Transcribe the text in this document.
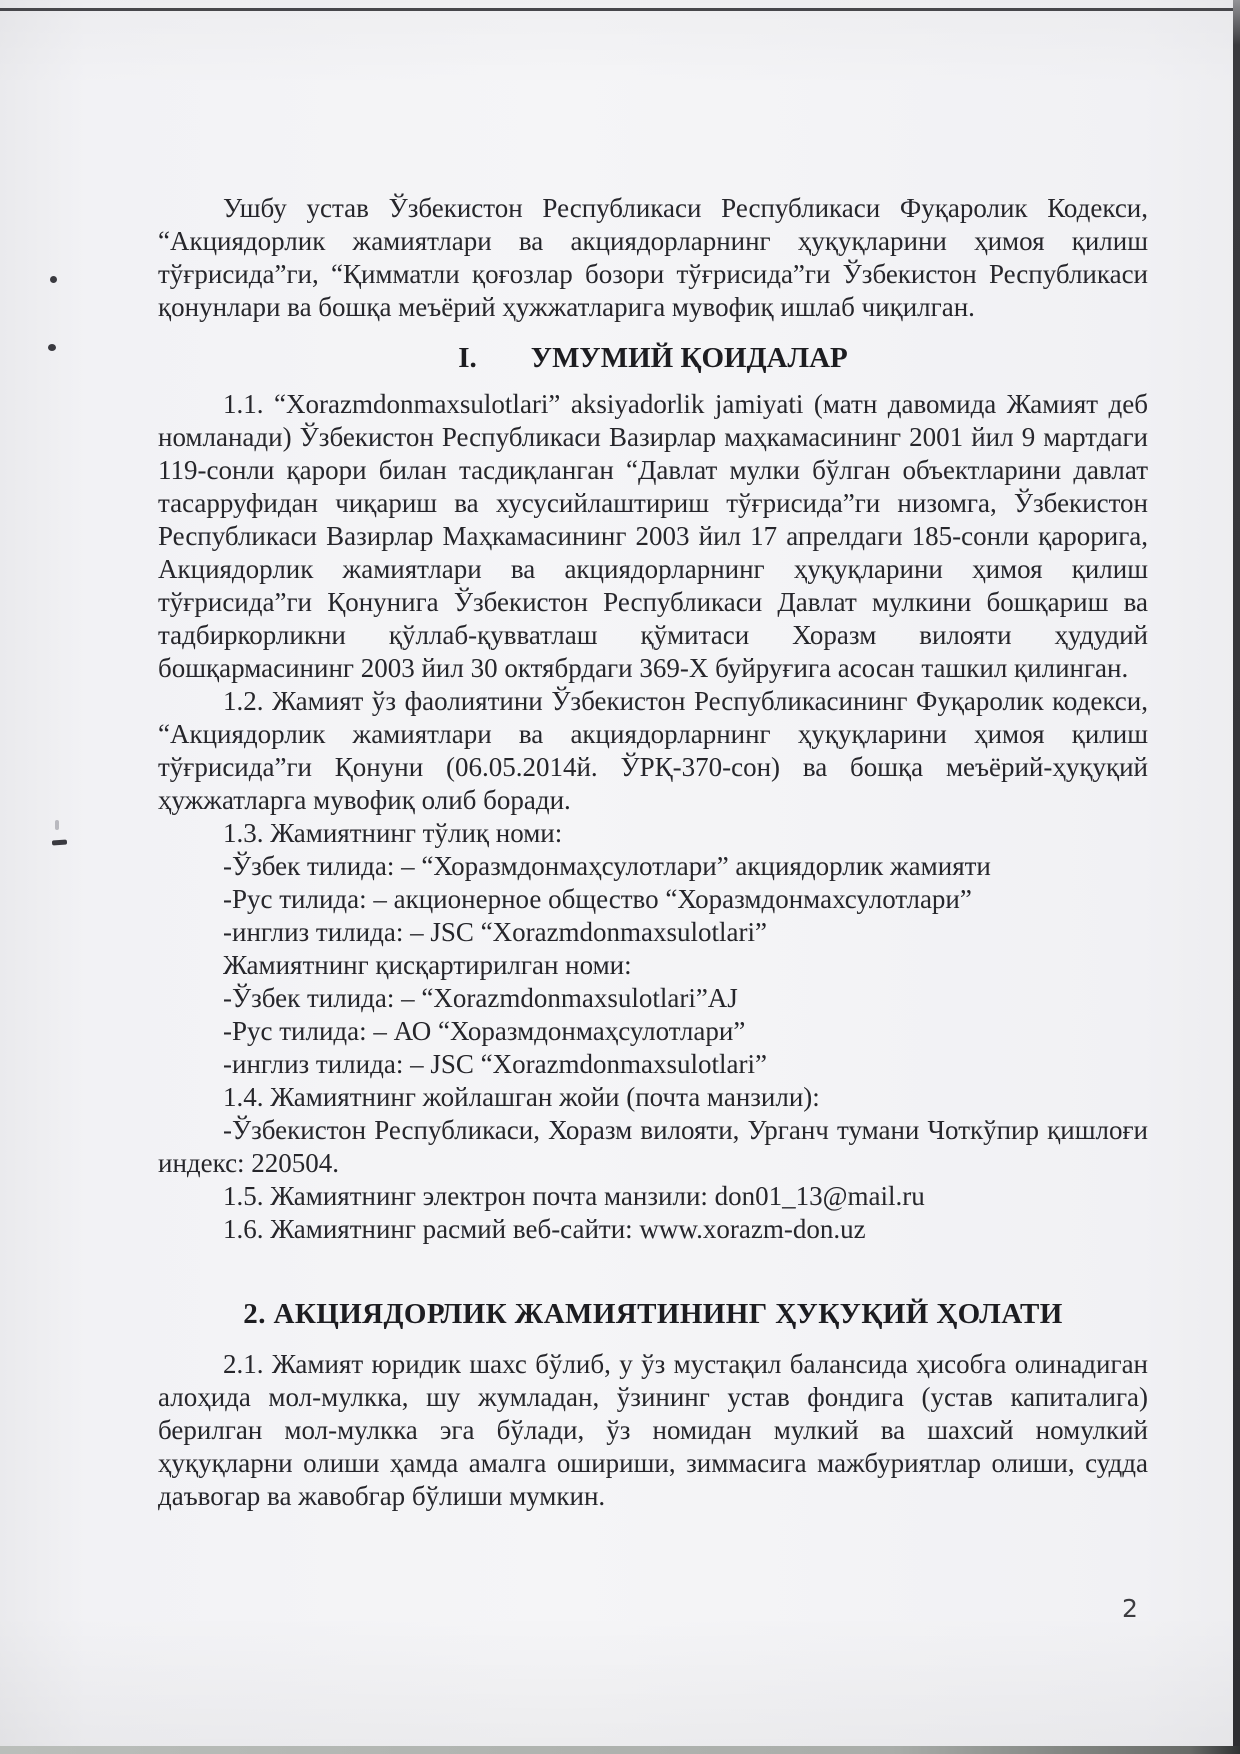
Ушбу устав Ўзбекистон Республикаси Республикаси Фуқаролик Кодекси, “Акциядорлик жамиятлари ва акциядорларнинг ҳуқуқларини ҳимоя қилиш тўғрисида”ги, “Қимматли қоғозлар бозори тўғрисида”ги Ўзбекистон Республикаси қонунлари ва бошқа меъёрий ҳужжатларига мувофиқ ишлаб чиқилган.

I. УМУМИЙ ҚОИДАЛАР

1.1. “Xorazmdonmaxsulotlari” aksiyadorlik jamiyati (матн давомида Жамият деб номланади) Ўзбекистон Республикаси Вазирлар маҳкамасининг 2001 йил 9 мартдаги 119-сонли қарори билан тасдиқланган “Давлат мулки бўлган объектларини давлат тасарруфидан чиқариш ва хусусийлаштириш тўғрисида”ги низомга, Ўзбекистон Республикаси Вазирлар Маҳкамасининг 2003 йил 17 апрелдаги 185-сонли қарорига, Акциядорлик жамиятлари ва акциядорларнинг ҳуқуқларини ҳимоя қилиш тўғрисида”ги Қонунига Ўзбекистон Республикаси Давлат мулкини бошқариш ва тадбиркорликни қўллаб-қувватлаш қўмитаси Хоразм вилояти ҳудудий бошқармасининг 2003 йил 30 октябрдаги 369-Х буйруғига асосан ташкил қилинган.

1.2. Жамият ўз фаолиятини Ўзбекистон Республикасининг Фуқаролик кодекси, “Акциядорлик жамиятлари ва акциядорларнинг ҳуқуқларини ҳимоя қилиш тўғрисида”ги Қонуни (06.05.2014й. ЎРҚ-370-сон) ва бошқа меъёрий-ҳуқуқий ҳужжатларга мувофиқ олиб боради.

1.3. Жамиятнинг тўлиқ номи:

-Ўзбек тилида: – “Хоразмдонмаҳсулотлари” акциядорлик жамияти

-Рус тилида: – акционерное общество “Хоразмдонмахсулотлари”

-инглиз тилида: – JSC “Xorazmdonmaxsulotlari”

Жамиятнинг қисқартирилган номи:

-Ўзбек тилида: – “Xorazmdonmaxsulotlari”AJ

-Рус тилида: – АО “Хоразмдонмаҳсулотлари”

-инглиз тилида: – JSC “Xorazmdonmaxsulotlari”

1.4. Жамиятнинг жойлашган жойи (почта манзили):

-Ўзбекистон Республикаси, Хоразм вилояти, Урганч тумани Чоткўпир қишлоғи индекс: 220504.

1.5. Жамиятнинг электрон почта манзили: don01_13@mail.ru

1.6. Жамиятнинг расмий веб-сайти: www.xorazm-don.uz

2. АКЦИЯДОРЛИК ЖАМИЯТИНИНГ ҲУҚУҚИЙ ҲОЛАТИ

2.1. Жамият юридик шахс бўлиб, у ўз мустақил балансида ҳисобга олинадиган алоҳида мол-мулкка, шу жумладан, ўзининг устав фондига (устав капиталига) берилган мол-мулкка эга бўлади, ўз номидан мулкий ва шахсий номулкий ҳуқуқларни олиши ҳамда амалга ошириши, зиммасига мажбуриятлар олиши, судда даъвогар ва жавобгар бўлиши мумкин.

2
